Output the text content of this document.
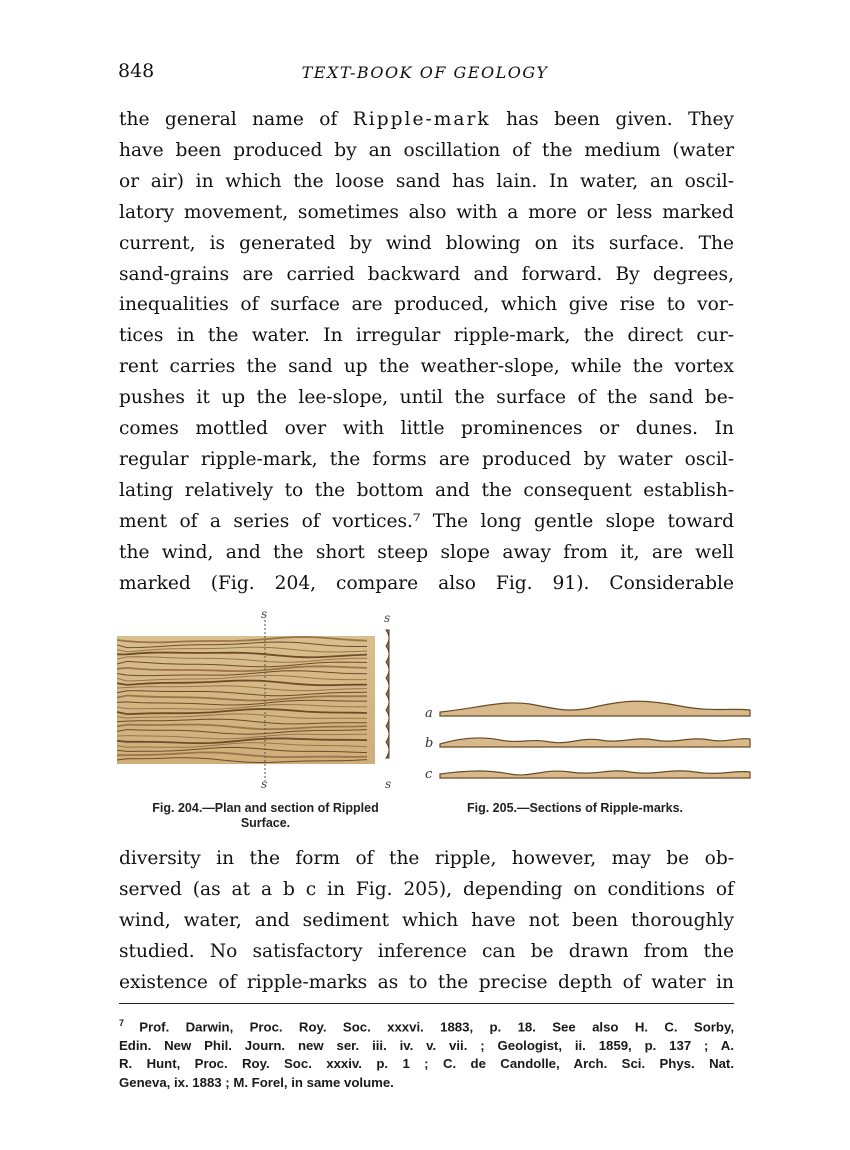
848	TEXT-BOOK OF GEOLOGY
the general name of Ripple-mark has been given. They
have been produced by an oscillation of the medium (water
or air) in which the loose sand has lain. In water, an oscil-
latory movement, sometimes also with a more or less marked
current, is generated by wind blowing on its surface. The
sand-grains are carried backward and forward. By degrees,
inequalities of surface are produced, which give rise to vor-
tices in the water. In irregular ripple-mark, the direct cur-
rent carries the sand up the weather-slope, while the vortex
pushes it up the lee-slope, until the surface of the sand be-
comes mottled over with little prominences or dunes. In
regular ripple-mark, the forms are produced by water oscil-
lating relatively to the bottom and the consequent establish-
ment of a series of vortices.⁷ The long gentle slope toward
the wind, and the short steep slope away from it, are well
marked (Fig. 204, compare also Fig. 91). Considerable
s
s
s
s
Fig. 204.—Plan and section of Rippled
Surface.
a
b
c
Fig. 205.—Sections of Ripple-marks.
diversity in the form of the ripple, however, may be ob-
served (as at a b c in Fig. 205), depending on conditions of
wind, water, and sediment which have not been thoroughly
studied. No satisfactory inference can be drawn from the
existence of ripple-marks as to the precise depth of water in
$^7$ Prof. Darwin, Proc. Roy. Soc. xxxvi. 1883, p. 18. See also H. C. Sorby,
Edin. New Phil. Journ. new ser. iii. iv. v. vii. ; Geologist, ii. 1859, p. 137 ; A.
R. Hunt, Proc. Roy. Soc. xxxiv. p. 1 ; C. de Candolle, Arch. Sci. Phys. Nat.
Geneva, ix. 1883 ; M. Forel, in same volume.
